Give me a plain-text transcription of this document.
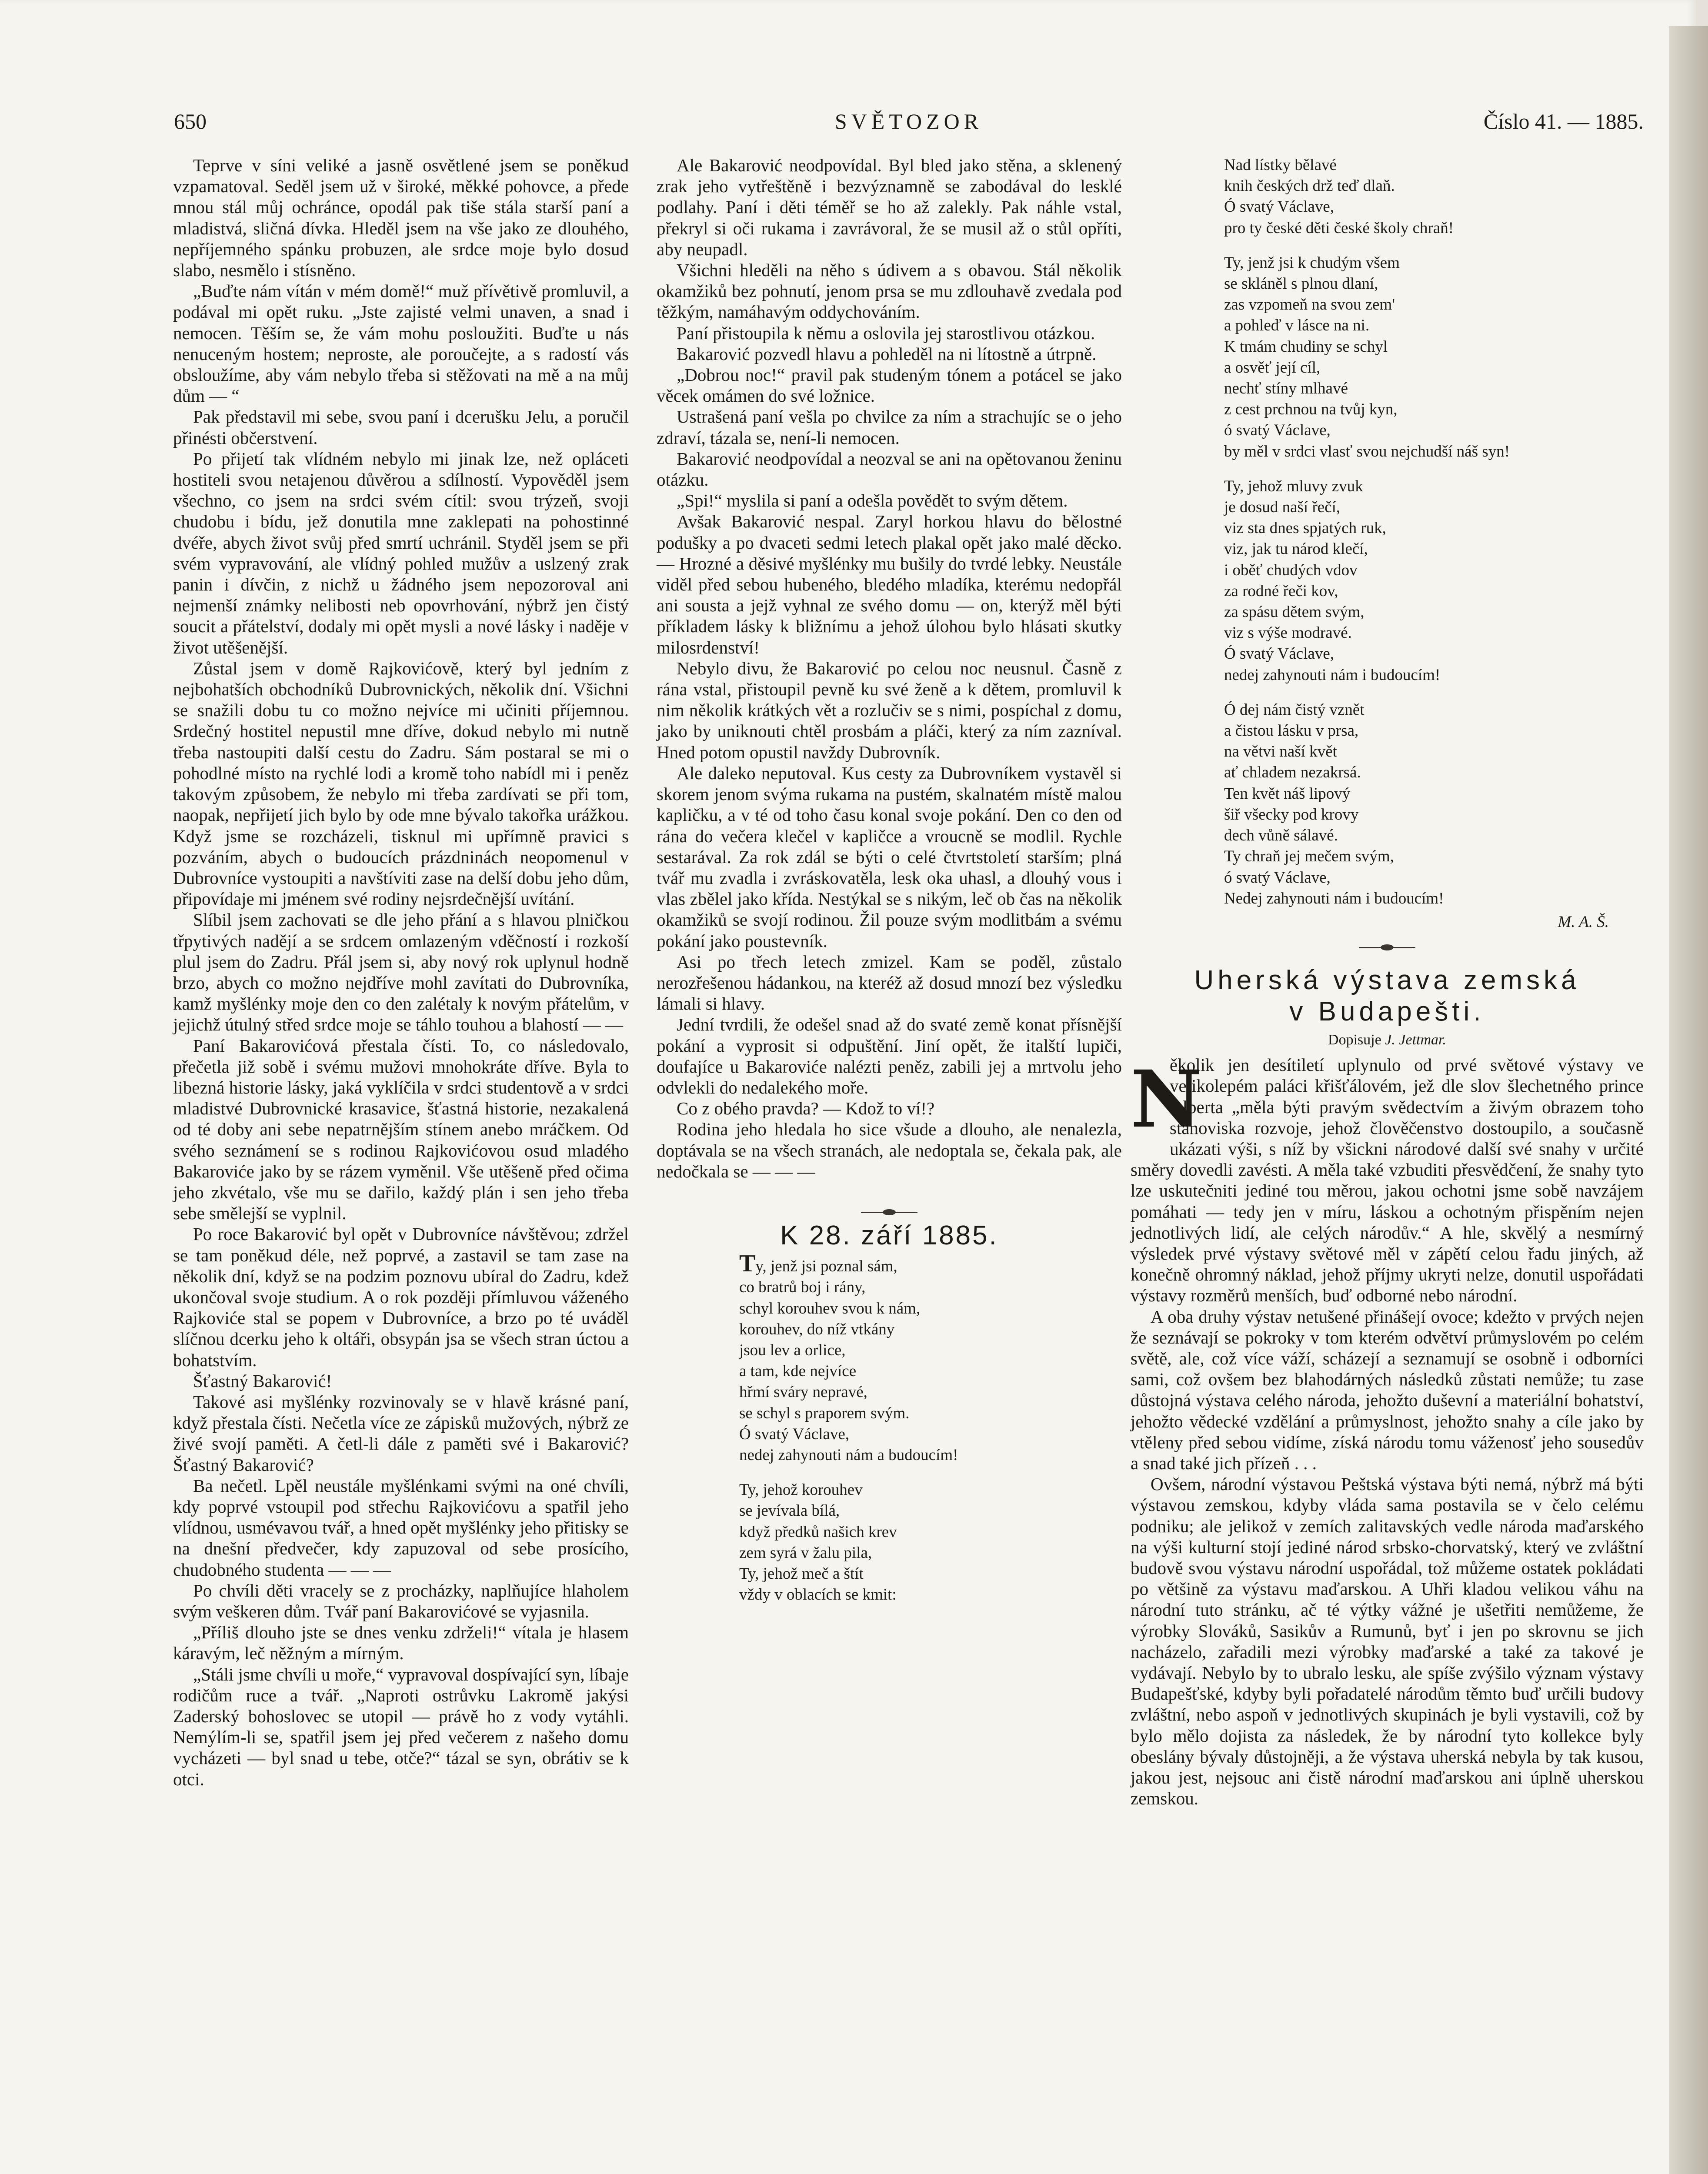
650	SVĚTOZOR	Číslo 41. — 1885.

Teprve v síni veliké a jasně osvětlené jsem se poněkud vzpamatoval. Seděl jsem už v široké, měkké pohovce, a přede mnou stál můj ochránce, opodál pak tiše stála starší paní a mladistvá, sličná dívka. Hleděl jsem na vše jako ze dlouhého, nepříjemného spánku probuzen, ale srdce moje bylo dosud slabo, nesmělo i stísněno.

„Buďte nám vítán v mém domě!“ muž přívětivě promluvil, a podával mi opět ruku. „Jste zajisté velmi unaven, a snad i nemocen. Těším se, že vám mohu posloužiti. Buďte u nás nenuceným hostem; neproste, ale poroučejte, a s radostí vás obsloužíme, aby vám nebylo třeba si stěžovati na mě a na můj dům — “

Pak představil mi sebe, svou paní i dcerušku Jelu, a poručil přinésti občerstvení.

Po přijetí tak vlídném nebylo mi jinak lze, než opláceti hostiteli svou netajenou důvěrou a sdílností. Vypověděl jsem všechno, co jsem na srdci svém cítil: svou trýzeň, svoji chudobu i bídu, jež donutila mne zaklepati na pohostinné dvéře, abych život svůj před smrtí uchránil. Styděl jsem se při svém vypravování, ale vlídný pohled mužův a uslzený zrak panin i dívčin, z nichž u žádného jsem nepozoroval ani nejmenší známky nelibosti neb opovrhování, nýbrž jen čistý soucit a přátelství, dodaly mi opět mysli a nové lásky i naděje v život utěšenější.

Zůstal jsem v domě Rajkovićově, který byl jedním z nejbohatších obchodníků Dubrovnických, několik dní. Všichni se snažili dobu tu co možno nejvíce mi učiniti příjemnou. Srdečný hostitel nepustil mne dříve, dokud nebylo mi nutně třeba nastoupiti další cestu do Zadru. Sám postaral se mi o pohodlné místo na rychlé lodi a kromě toho nabídl mi i peněz takovým způsobem, že nebylo mi třeba zardívati se při tom, naopak, nepřijetí jich bylo by ode mne bývalo takořka urážkou. Když jsme se rozcházeli, tisknul mi upřímně pravici s pozváním, abych o budoucích prázdninách neopomenul v Dubrovníce vystoupiti a navštíviti zase na delší dobu jeho dům, připovídaje mi jménem své rodiny nejsrdečnější uvítání.

Slíbil jsem zachovati se dle jeho přání a s hlavou plničkou třpytivých nadějí a se srdcem omlazeným vděčností i rozkoší plul jsem do Zadru. Přál jsem si, aby nový rok uplynul hodně brzo, abych co možno nejdříve mohl zavítati do Dubrovníka, kamž myšlénky moje den co den zalétaly k novým přátelům, v jejichž útulný střed srdce moje se táhlo touhou a blahostí — —

Paní Bakarovićová přestala čísti. To, co následovalo, přečetla již sobě i svému mužovi mnohokráte dříve. Byla to libezná historie lásky, jaká vyklíčila v srdci studentově a v srdci mladistvé Dubrovnické krasavice, šťastná historie, nezakalená od té doby ani sebe nepatrnějším stínem anebo mráčkem. Od svého seznámení se s rodinou Rajkovićovou osud mladého Bakaroviće jako by se rázem vyměnil. Vše utěšeně před očima jeho zkvétalo, vše mu se dařilo, každý plán i sen jeho třeba sebe smělejší se vyplnil.

Po roce Bakarović byl opět v Dubrovníce návštěvou; zdržel se tam poněkud déle, než poprvé, a zastavil se tam zase na několik dní, když se na podzim poznovu ubíral do Zadru, kdež ukončoval svoje studium. A o rok později přímluvou váženého Rajkoviće stal se popem v Dubrovníce, a brzo po té uváděl slíčnou dcerku jeho k oltáři, obsypán jsa se všech stran úctou a bohatstvím.

Šťastný Bakarović!

Takové asi myšlénky rozvinovaly se v hlavě krásné paní, když přestala čísti. Nečetla více ze zápisků mužových, nýbrž ze živé svojí paměti. A četl-li dále z paměti své i Bakarović? Šťastný Bakarović?

Ba nečetl. Lpěl neustále myšlénkami svými na oné chvíli, kdy poprvé vstoupil pod střechu Rajkovićovu a spatřil jeho vlídnou, usmévavou tvář, a hned opět myšlénky jeho přitisky se na dnešní předvečer, kdy zapuzoval od sebe prosícího, chudobného studenta — — —

Po chvíli děti vracely se z procházky, naplňujíce hlaholem svým veškeren dům. Tvář paní Bakarovićové se vyjasnila.

„Příliš dlouho jste se dnes venku zdrželi!“ vítala je hlasem káravým, leč něžným a mírným.

„Stáli jsme chvíli u moře,“ vypravoval dospívající syn, líbaje rodičům ruce a tvář. „Naproti ostrůvku Lakromě jakýsi Zaderský bohoslovec se utopil — právě ho z vody vytáhli. Nemýlím-li se, spatřil jsem jej před večerem z našeho domu vycházeti — byl snad u tebe, otče?“ tázal se syn, obrátiv se k otci.

Ale Bakarović neodpovídal. Byl bled jako stěna, a sklenený zrak jeho vytřeštěně i bezvýznamně se zabodával do lesklé podlahy. Paní i děti téměř se ho až zalekly. Pak náhle vstal, překryl si oči rukama i zavrávoral, že se musil až o stůl opříti, aby neupadl.

Všichni hleděli na něho s údivem a s obavou. Stál několik okamžiků bez pohnutí, jenom prsa se mu zdlouhavě zvedala pod těžkým, namáhavým oddychováním.

Paní přistoupila k němu a oslovila jej starostlivou otázkou.

Bakarović pozvedl hlavu a pohleděl na ni lítostně a útrpně.

„Dobrou noc!“ pravil pak studeným tónem a potácel se jako věcek omámen do své ložnice.

Ustrašená paní vešla po chvilce za ním a strachujíc se o jeho zdraví, tázala se, není-li nemocen.

Bakarović neodpovídal a neozval se ani na opětovanou ženinu otázku.

„Spi!“ myslila si paní a odešla povědět to svým dětem.

Avšak Bakarović nespal. Zaryl horkou hlavu do bělostné podušky a po dvaceti sedmi letech plakal opět jako malé děcko. — Hrozné a děsivé myšlénky mu bušily do tvrdé lebky. Neustále viděl před sebou hubeného, bledého mladíka, kterému nedopřál ani sousta a jejž vyhnal ze svého domu — on, kterýž měl býti příkladem lásky k bližnímu a jehož úlohou bylo hlásati skutky milosrdenství!

Nebylo divu, že Bakarović po celou noc neusnul. Časně z rána vstal, přistoupil pevně ku své ženě a k dětem, promluvil k nim několik krátkých vět a rozlučiv se s nimi, pospíchal z domu, jako by uniknouti chtěl prosbám a pláči, který za ním zazníval. Hned potom opustil navždy Dubrovník.

Ale daleko neputoval. Kus cesty za Dubrovníkem vystavěl si skorem jenom svýma rukama na pustém, skalnatém místě malou kapličku, a v té od toho času konal svoje pokání. Den co den od rána do večera klečel v kapličce a vroucně se modlil. Rychle sestarával. Za rok zdál se býti o celé čtvrtstoletí starším; plná tvář mu zvadla i zvráskovatěla, lesk oka uhasl, a dlouhý vous i vlas zbělel jako křída. Nestýkal se s nikým, leč ob čas na několik okamžiků se svojí rodinou. Žil pouze svým modlitbám a svému pokání jako poustevník.

Asi po třech letech zmizel. Kam se poděl, zůstalo nerozřešenou hádankou, na kteréž až dosud mnozí bez výsledku lámali si hlavy.

Jední tvrdili, že odešel snad až do svaté země konat přísnější pokání a vyprosit si odpuštění. Jiní opět, že italští lupiči, doufajíce u Bakaroviće nalézti peněz, zabili jej a mrtvolu jeho odvlekli do nedalekého moře.

Co z obého pravda? — Kdož to ví!?

Rodina jeho hledala ho sice všude a dlouho, ale nenalezla, doptávala se na všech stranách, ale nedoptala se, čekala pak, ale nedočkala se — — —

K 28. září 1885.
Ty, jenž jsi poznal sám,
co bratrů boj i rány,
schyl korouhev svou k nám,
korouhev, do níž vtkány
jsou lev a orlice,
a tam, kde nejvíce
hřmí sváry nepravé,
se schyl s praporem svým.
Ó svatý Václave,
nedej zahynouti nám a budoucím!
Ty, jehož korouhev
se jevívala bílá,
když předků našich krev
zem syrá v žalu pila,
Ty, jehož meč a štít
vždy v oblacích se kmit:
Nad lístky bělavé
knih českých drž teď dlaň.
Ó svatý Václave,
pro ty české děti české školy chraň!
Ty, jenž jsi k chudým všem
se skláněl s plnou dlaní,
zas vzpomeň na svou zem'
a pohleď v lásce na ni.
K tmám chudiny se schyl
a osvěť její cíl,
nechť stíny mlhavé
z cest prchnou na tvůj kyn,
ó svatý Václave,
by měl v srdci vlasť svou nejchudší náš syn!
Ty, jehož mluvy zvuk
je dosud naší řečí,
viz sta dnes spjatých ruk,
viz, jak tu národ klečí,
i oběť chudých vdov
za rodné řeči kov,
za spásu dětem svým,
viz s výše modravé.
Ó svatý Václave,
nedej zahynouti nám i budoucím!
Ó dej nám čistý vznět
a čistou lásku v prsa,
na větvi naší květ
ať chladem nezakrsá.
Ten květ náš lipový
šiř všecky pod krovy
dech vůně sálavé.
Ty chraň jej mečem svým,
ó svatý Václave,
Nedej zahynouti nám i budoucím!
M. A. Š.
Uherská výstava zemská
v Budapešti.
Dopisuje J. Jettmar.
N

ěkolik jen desítiletí uplynulo od prvé světové výstavy ve velikolepém paláci křišťálovém, jež dle slov šlechetného prince Alberta „měla býti pravým svědectvím a živým obrazem toho stanoviska rozvoje, jehož člověčenstvo dostoupilo, a současně ukázati výši, s níž by všickni národové další své snahy v určité směry dovedli zavésti. A měla také vzbuditi přesvědčení, že snahy tyto lze uskutečniti jediné tou měrou, jakou ochotni jsme sobě navzájem pomáhati — tedy jen v míru, láskou a ochotným přispěním nejen jednotlivých lidí, ale celých národův.“ A hle, skvělý a nesmírný výsledek prvé výstavy světové měl v zápětí celou řadu jiných, až konečně ohromný náklad, jehož příjmy ukryti nelze, donutil uspořádati výstavy rozměrů menších, buď odborné nebo národní.

A oba druhy výstav netušené přinášejí ovoce; kdežto v prvých nejen že seznávají se pokroky v tom kterém odvětví průmyslovém po celém světě, ale, což více váží, scházejí a seznamují se osobně i odborníci sami, což ovšem bez blahodárných následků zůstati nemůže; tu zase důstojná výstava celého národa, jehožto duševní a materiální bohatství, jehožto vědecké vzdělání a průmyslnost, jehožto snahy a cíle jako by vtěleny před sebou vidíme, získá národu tomu váženosť jeho sousedův a snad také jich přízeň . . .

Ovšem, národní výstavou Peštská výstava býti nemá, nýbrž má býti výstavou zemskou, kdyby vláda sama postavila se v čelo celému podniku; ale jelikož v zemích zalitavských vedle národa maďarského na výši kulturní stojí jediné národ srbsko-chorvatský, který ve zvláštní budově svou výstavu národní uspořádal, tož můžeme ostatek pokládati po většině za výstavu maďarskou. A Uhři kladou velikou váhu na národní tuto stránku, ač té výtky vážné je ušetřiti nemůžeme, že výrobky Slováků, Sasikův a Rumunů, byť i jen po skrovnu se jich nacházelo, zařadili mezi výrobky maďarské a také za takové je vydávají. Nebylo by to ubralo lesku, ale spíše zvýšilo význam výstavy Budapešťské, kdyby byli pořadatelé národům těmto buď určili budovy zvláštní, nebo aspoň v jednotlivých skupinách je byli vystavili, což by bylo mělo dojista za následek, že by národní tyto kollekce byly obeslány bývaly důstojněji, a že výstava uherská nebyla by tak kusou, jakou jest, nejsouc ani čistě národní maďarskou ani úplně uherskou zemskou.
